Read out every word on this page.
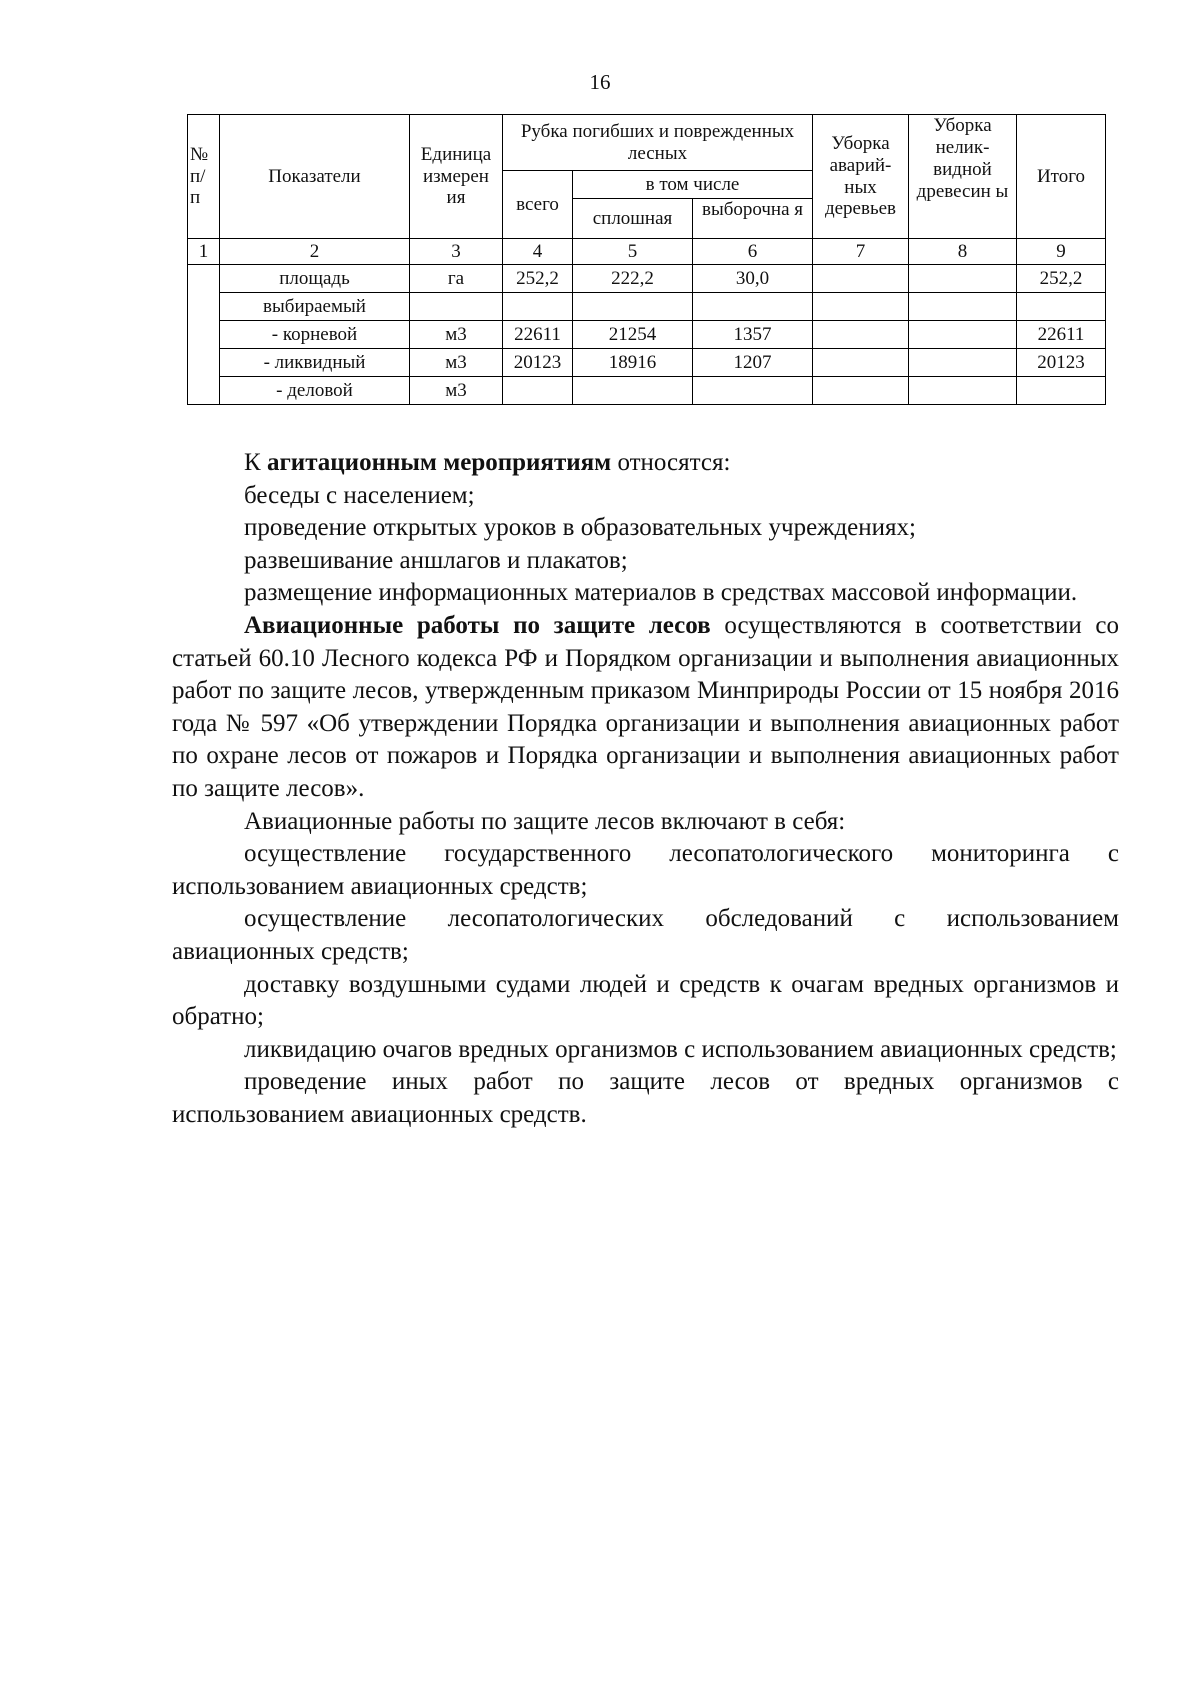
16
№ п/ п	Показатели	Единица измерен ия	Рубка погибших и поврежденных лесных			Уборка аварий-ных деревьев	Уборка нелик-видной древесин ы	Итого
			всего	в том числе				
				сплошная	выборочна я			

1	2	3	4	5	6	7	8	9
	площадь	га	252,2	222,2	30,0			252,2
	выбираемый							
	- корневой	м3	22611	21254	1357			22611
	- ликвидный	м3	20123	18916	1207			20123
	- деловой	м3						

К агитационным мероприятиям относятся:

беседы с населением;

проведение открытых уроков в образовательных учреждениях;

развешивание аншлагов и плакатов;

размещение информационных материалов в средствах массовой информации.

Авиационные работы по защите лесов осуществляются в соответствии со статьей 60.10 Лесного кодекса РФ и Порядком организации и выполнения авиационных работ по защите лесов, утвержденным приказом Минприроды России от 15 ноября 2016 года № 597 «Об утверждении Порядка организации и выполнения авиационных работ по охране лесов от пожаров и Порядка организации и выполнения авиационных работ по защите лесов».

Авиационные работы по защите лесов включают в себя:

осуществление государственного лесопатологического мониторинга с использованием авиационных средств;

осуществление лесопатологических обследований с использованием авиационных средств;

доставку воздушными судами людей и средств к очагам вредных организмов и обратно;

ликвидацию очагов вредных организмов с использованием авиационных средств;

проведение иных работ по защите лесов от вредных организмов с использованием авиационных средств.
